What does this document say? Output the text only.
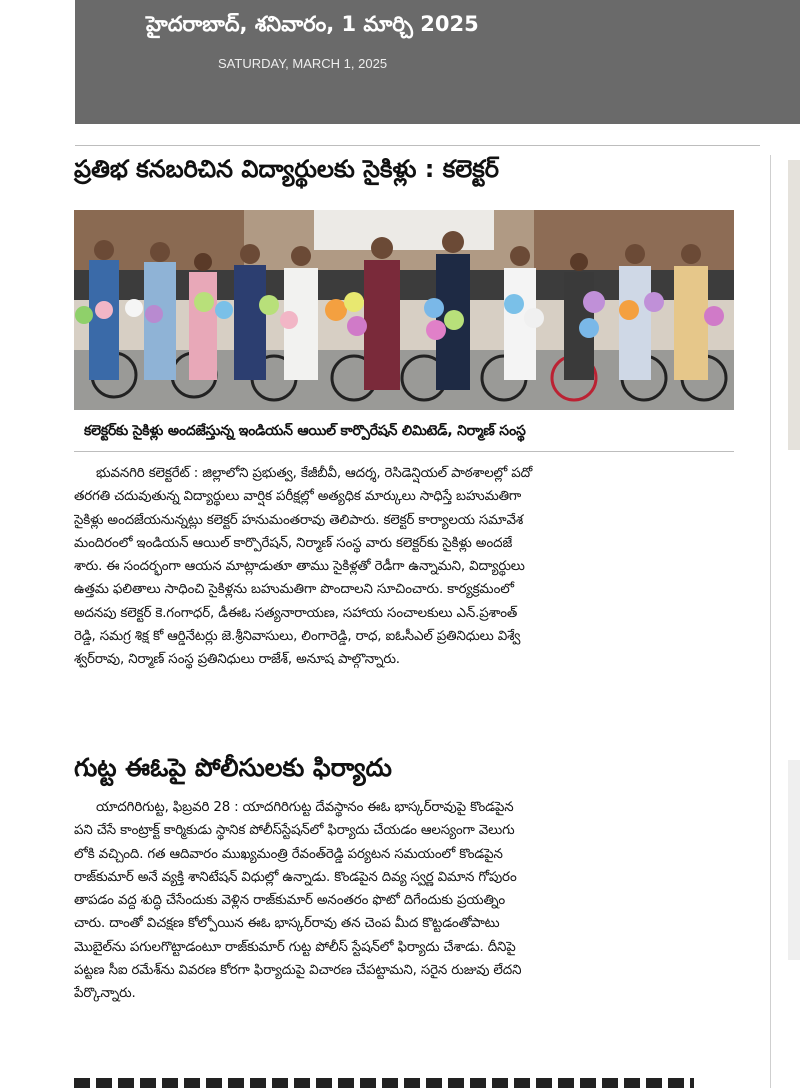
హైదరాబాద్, శనివారం, 1 మార్చి 2025
SATURDAY, MARCH 1, 2025
ప్రతిభ కనబరిచిన విద్యార్థులకు సైకిళ్లు : కలెక్టర్
కలెక్టర్‌కు సైకిళ్లు అందజేస్తున్న ఇండియన్ ఆయిల్ కార్పొరేషన్ లిమిటెడ్, నిర్మాణ్ సంస్థ
భువనగిరి కలెక్టరేట్ : జిల్లాలోని ప్రభుత్వ, కేజీబీవీ, ఆదర్శ, రెసిడెన్షియల్ పాఠశాలల్లో పదో
తరగతి చదువుతున్న విద్యార్థులు వార్షిక పరీక్షల్లో అత్యధిక మార్కులు సాధిస్తే బహుమతిగా
సైకిళ్లు అందజేయనున్నట్లు కలెక్టర్ హనుమంతరావు తెలిపారు. కలెక్టర్ కార్యాలయ సమావేశ
మందిరంలో ఇండియన్ ఆయిల్ కార్పొరేషన్, నిర్మాణ్ సంస్థ వారు కలెక్టర్‌కు సైకిళ్లు అందజే
శారు. ఈ సందర్భంగా ఆయన మాట్లాడుతూ తాము సైకిళ్లతో రెడీగా ఉన్నామని, విద్యార్థులు
ఉత్తమ ఫలితాలు సాధించి సైకిళ్లను బహుమతిగా పొందాలని సూచించారు. కార్యక్రమంలో
అదనపు కలెక్టర్ కె.గంగాధర్, డీఈఓ సత్యనారాయణ, సహాయ సంచాలకులు ఎన్.ప్రశాంత్
రెడ్డి, సమగ్ర శిక్ష కో ఆర్డినేటర్లు జె.శ్రీనివాసులు, లింగారెడ్డి, రాధ, ఐఓసీఎల్ ప్రతినిధులు విశ్వే
శ్వర్‌రావు, నిర్మాణ్ సంస్థ ప్రతినిధులు రాజేశ్, అనూష పాల్గొన్నారు.
గుట్ట ఈఓపై పోలీసులకు ఫిర్యాదు
యాదగిరిగుట్ట, ఫిబ్రవరి 28 : యాదగిరిగుట్ట దేవస్థానం ఈఓ భాస్కర్‌రావుపై కొండపైన
పని చేసే కాంట్రాక్ట్ కార్మికుడు స్థానిక పోలీస్‌స్టేషన్‌లో ఫిర్యాదు చేయడం ఆలస్యంగా వెలుగు
లోకి వచ్చింది. గత ఆదివారం ముఖ్యమంత్రి రేవంత్‌రెడ్డి పర్యటన సమయంలో కొండపైన
రాజ్‌కుమార్ అనే వ్యక్తి శానిటేషన్ విధుల్లో ఉన్నాడు. కొండపైన దివ్య స్వర్ణ విమాన గోపురం
తాపడం వద్ద శుద్ధి చేసేందుకు వెళ్లిన రాజ్‌కుమార్ అనంతరం ఫొటో దిగేందుకు ప్రయత్నిం
చారు. దాంతో విచక్షణ కోల్పోయిన ఈఓ భాస్కర్‌రావు తన చెంప మీద కొట్టడంతోపాటు
మొబైల్‌ను పగులగొట్టాడంటూ రాజ్‌కుమార్ గుట్ట పోలీస్ స్టేషన్‌లో ఫిర్యాదు చేశాడు. దీనిపై
పట్టణ సీఐ రమేశ్‌ను వివరణ కోరగా ఫిర్యాదుపై విచారణ చేపట్టామని, సరైన రుజువు లేదని
పేర్కొన్నారు.
